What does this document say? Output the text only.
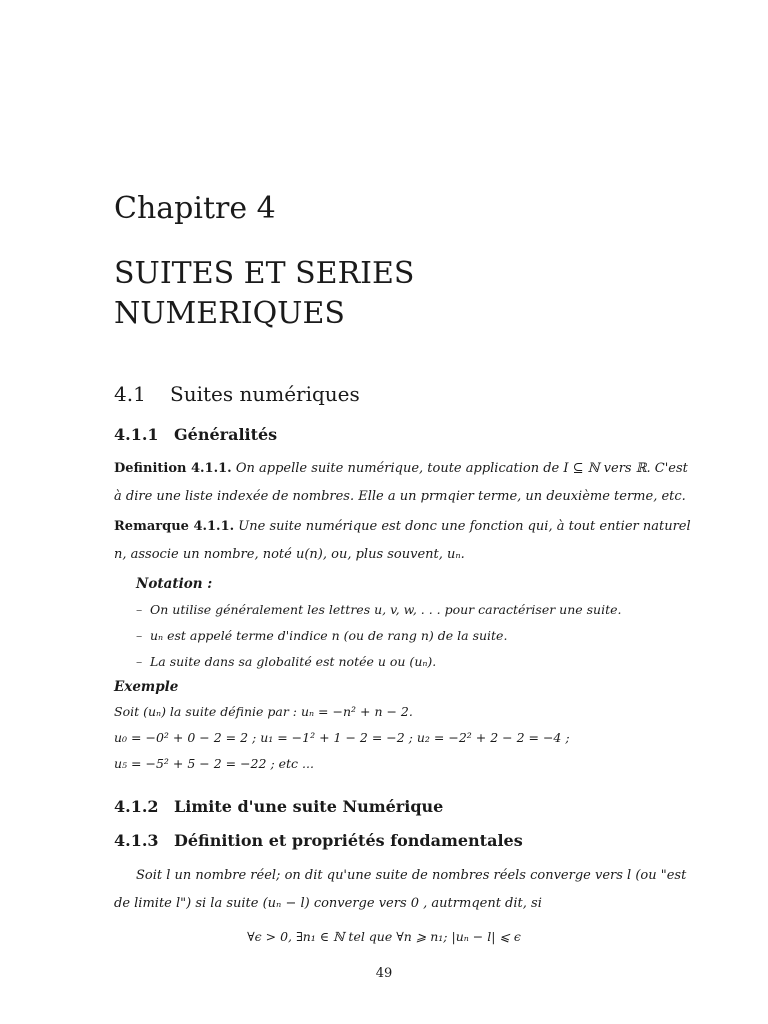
Chapitre 4
SUITES ET SERIES NUMERIQUES
4.1 Suites numériques
4.1.1 Généralités
Definition 4.1.1. On appelle suite numérique, toute application de I ⊆ ℕ vers ℝ. C'est
à dire une liste indexée de nombres. Elle a un prmqier terme, un deuxième terme, etc.
Remarque 4.1.1. Une suite numérique est donc une fonction qui, à tout entier naturel
n, associe un nombre, noté u(n), ou, plus souvent, uₙ.
Notation :
– On utilise généralement les lettres u, v, w, . . . pour caractériser une suite.
– uₙ est appelé terme d'indice n (ou de rang n) de la suite.
– La suite dans sa globalité est notée u ou (uₙ).
Exemple
Soit (uₙ) la suite définie par : uₙ = −n² + n − 2.
u₀ = −0² + 0 − 2 = 2 ; u₁ = −1² + 1 − 2 = −2 ; u₂ = −2² + 2 − 2 = −4 ;
u₅ = −5² + 5 − 2 = −22 ; etc ...
4.1.2 Limite d'une suite Numérique
4.1.3 Définition et propriétés fondamentales
Soit l un nombre réel; on dit qu'une suite de nombres réels converge vers l (ou "est
de limite l") si la suite (uₙ − l) converge vers 0 , autrmqent dit, si
∀ϵ > 0, ∃n₁ ∈ ℕ tel que ∀n ⩾ n₁; |uₙ − l| ⩽ ϵ
49
